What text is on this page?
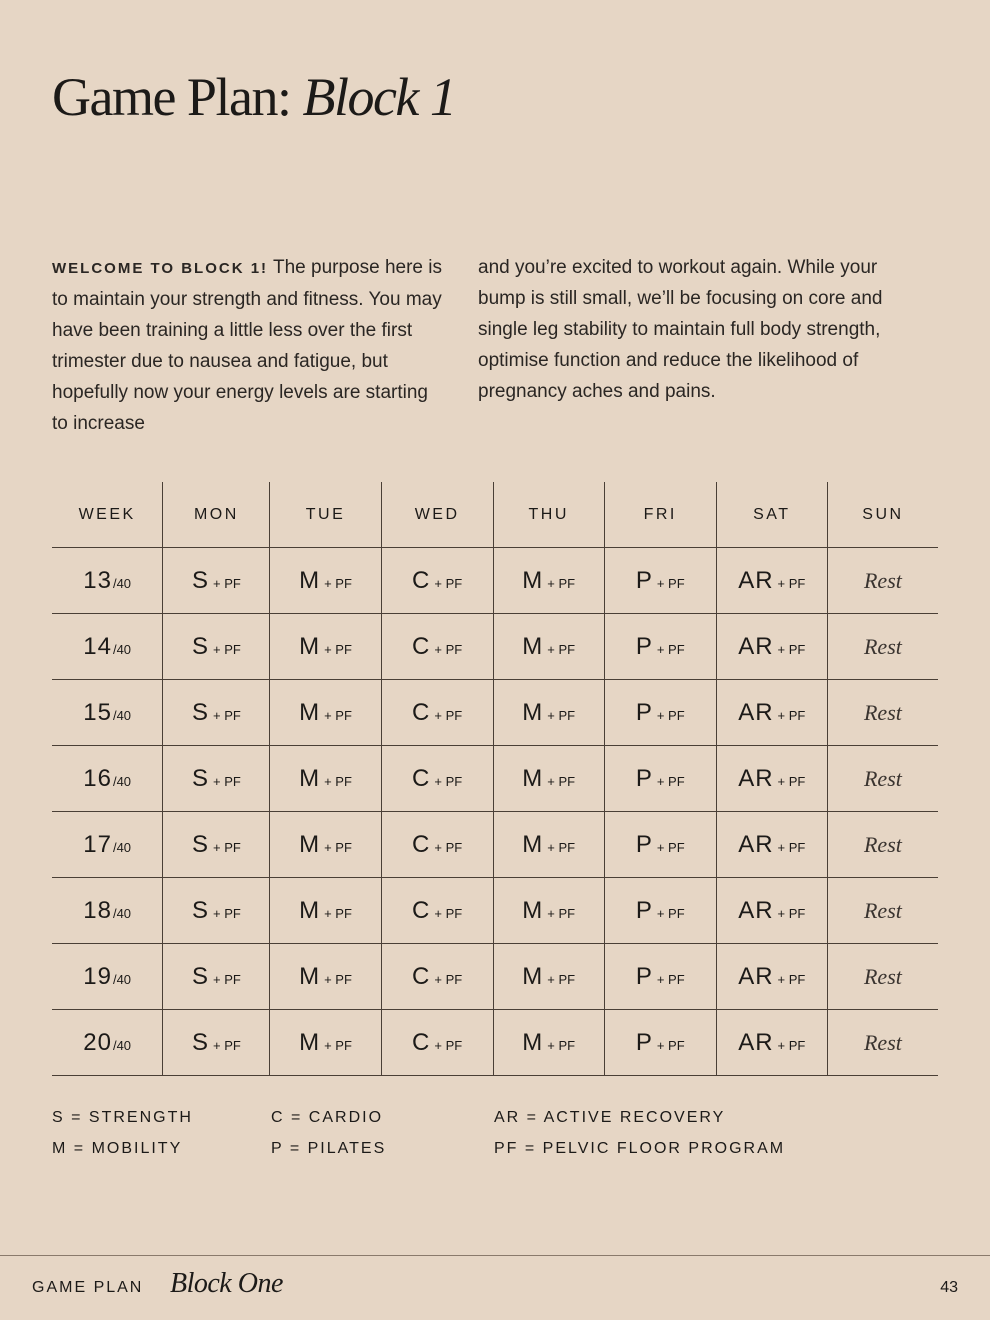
Game Plan: Block 1
WELCOME TO BLOCK 1! The purpose here is to maintain your strength and fitness. You may have been training a little less over the first trimester due to nausea and fatigue, but hopefully now your energy levels are starting to increase
and you’re excited to workout again. While your bump is still small, we’ll be focusing on core and single leg stability to maintain full body strength, optimise function and reduce the likelihood of pregnancy aches and pains.
WEEK	MON	TUE	WED	THU	FRI	SAT	SUN
13/40	S + PF	M + PF	C + PF	M + PF	P + PF	AR + PF	Rest
14/40	S + PF	M + PF	C + PF	M + PF	P + PF	AR + PF	Rest
15/40	S + PF	M + PF	C + PF	M + PF	P + PF	AR + PF	Rest
16/40	S + PF	M + PF	C + PF	M + PF	P + PF	AR + PF	Rest
17/40	S + PF	M + PF	C + PF	M + PF	P + PF	AR + PF	Rest
18/40	S + PF	M + PF	C + PF	M + PF	P + PF	AR + PF	Rest
19/40	S + PF	M + PF	C + PF	M + PF	P + PF	AR + PF	Rest
20/40	S + PF	M + PF	C + PF	M + PF	P + PF	AR + PF	Rest
S = STRENGTH
M = MOBILITY
C = CARDIO
P = PILATES
AR = ACTIVE RECOVERY
PF = PELVIC FLOOR PROGRAM
GAME PLAN Block One	43
